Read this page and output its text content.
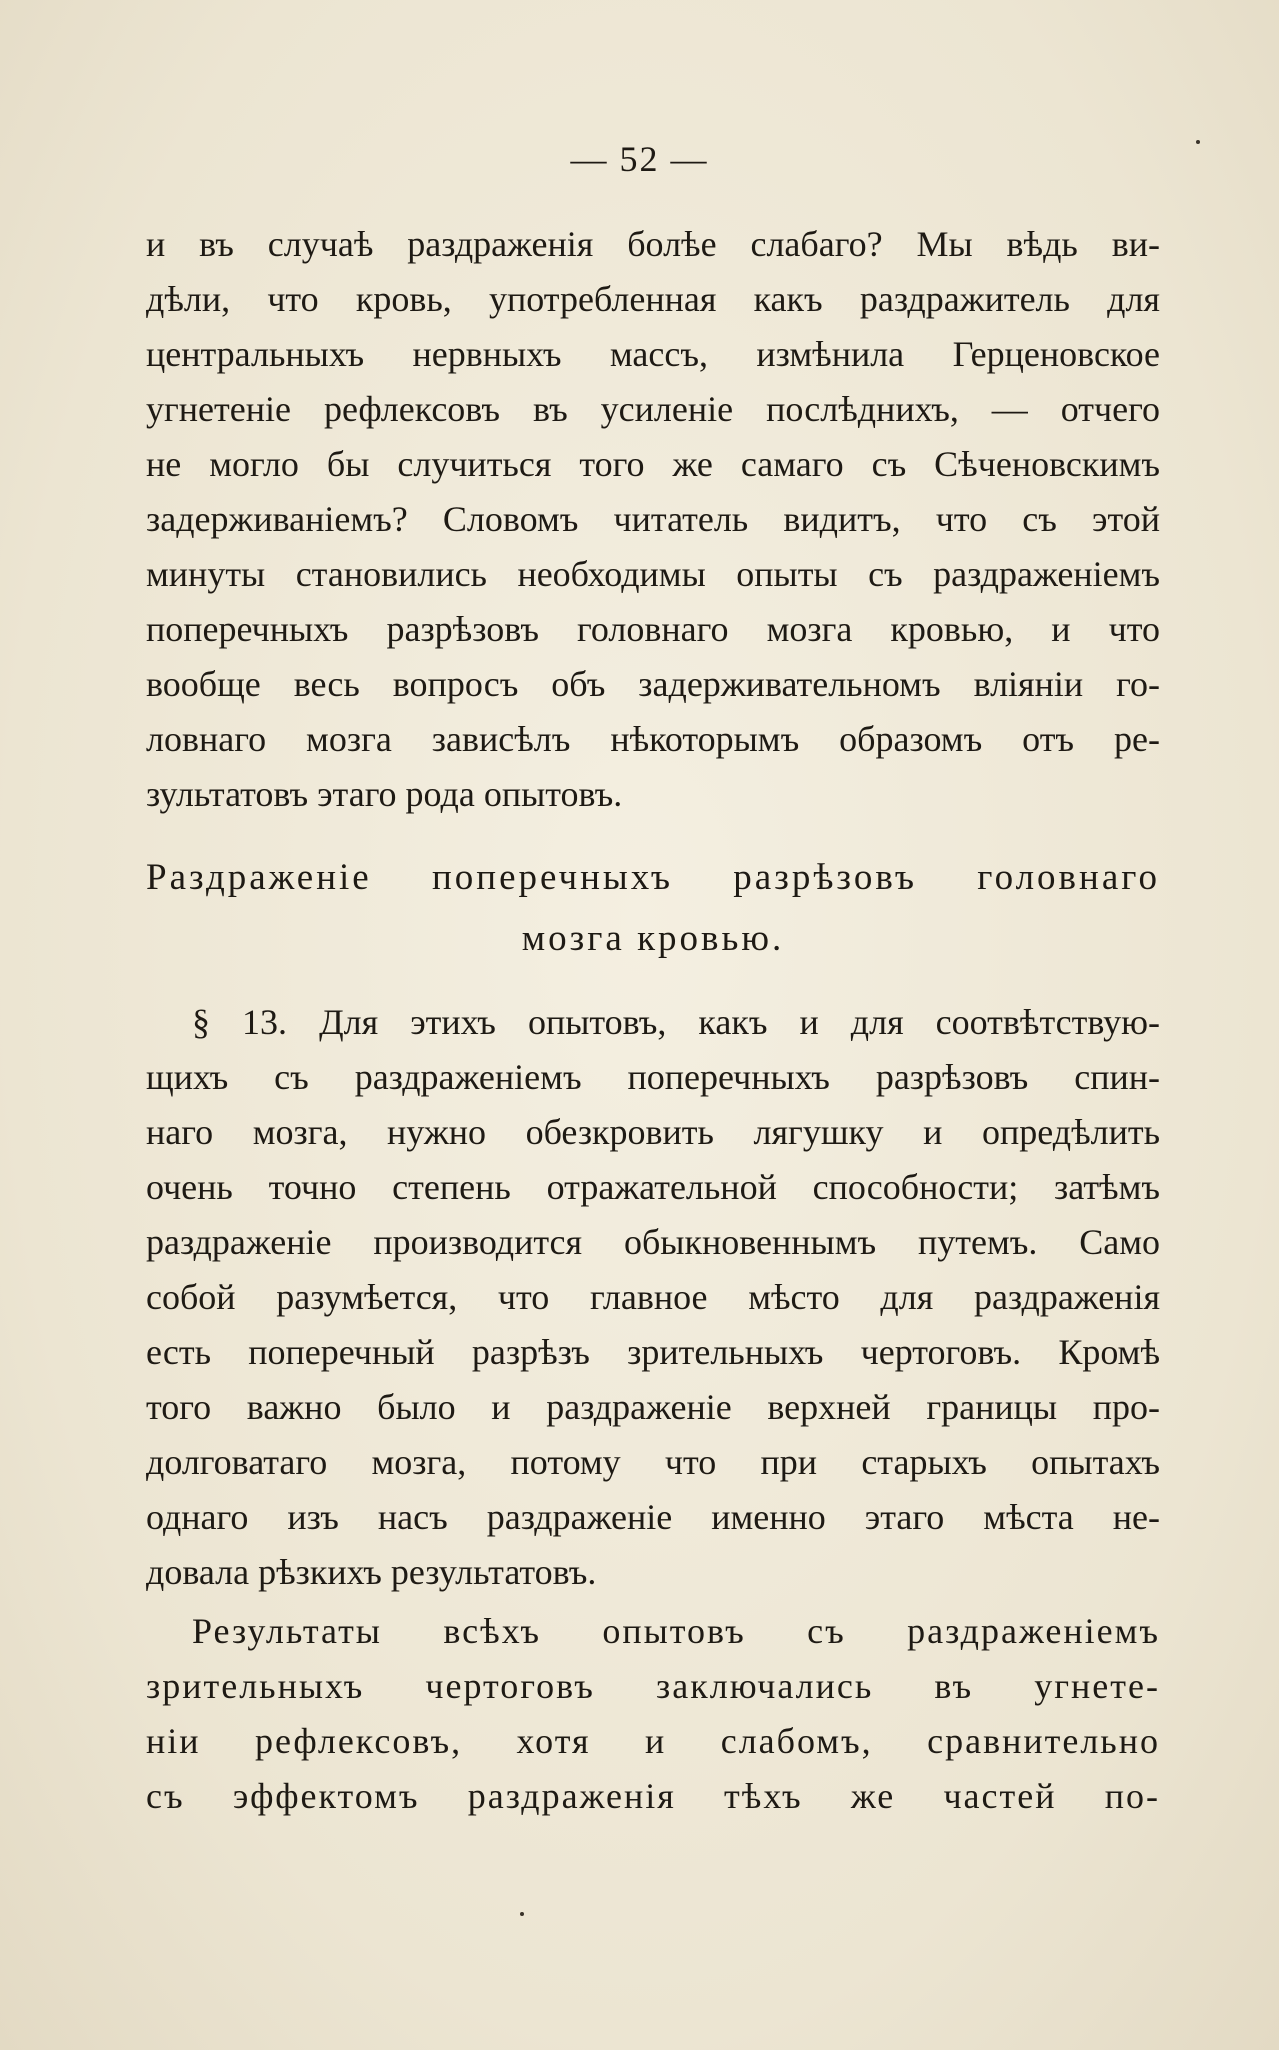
— 52 —
и въ случаѣ раздраженія болѣе слабаго? Мы вѣдь ви-
дѣли, что кровь, употребленная какъ раздражитель для
центральныхъ нервныхъ массъ, измѣнила Герценовское
угнетеніе рефлексовъ въ усиленіе послѣднихъ, — отчего
не могло бы случиться того же самаго съ Сѣченовскимъ
задерживаніемъ? Словомъ читатель видитъ, что съ этой
минуты становились необходимы опыты съ раздраженіемъ
поперечныхъ разрѣзовъ головнаго мозга кровью, и что
вообще весь вопросъ объ задерживательномъ вліяніи го-
ловнаго мозга зависѣлъ нѣкоторымъ образомъ отъ ре-
зультатовъ этаго рода опытовъ.
Раздраженіе поперечныхъ разрѣзовъ головнаго
мозга кровью.
§ 13. Для этихъ опытовъ, какъ и для соотвѣтствую-
щихъ съ раздраженіемъ поперечныхъ разрѣзовъ спин-
наго мозга, нужно обезкровить лягушку и опредѣлить
очень точно степень отражательной способности; затѣмъ
раздраженіе производится обыкновеннымъ путемъ. Само
собой разумѣется, что главное мѣсто для раздраженія
есть поперечный разрѣзъ зрительныхъ чертоговъ. Кромѣ
того важно было и раздраженіе верхней границы про-
долговатаго мозга, потому что при старыхъ опытахъ
однаго изъ насъ раздраженіе именно этаго мѣста не-
довала рѣзкихъ результатовъ.
Результаты всѣхъ опытовъ съ раздраженіемъ
зрительныхъ чертоговъ заключались въ угнете-
ніи рефлексовъ, хотя и слабомъ, сравнительно
съ эффектомъ раздраженія тѣхъ же частей по-
